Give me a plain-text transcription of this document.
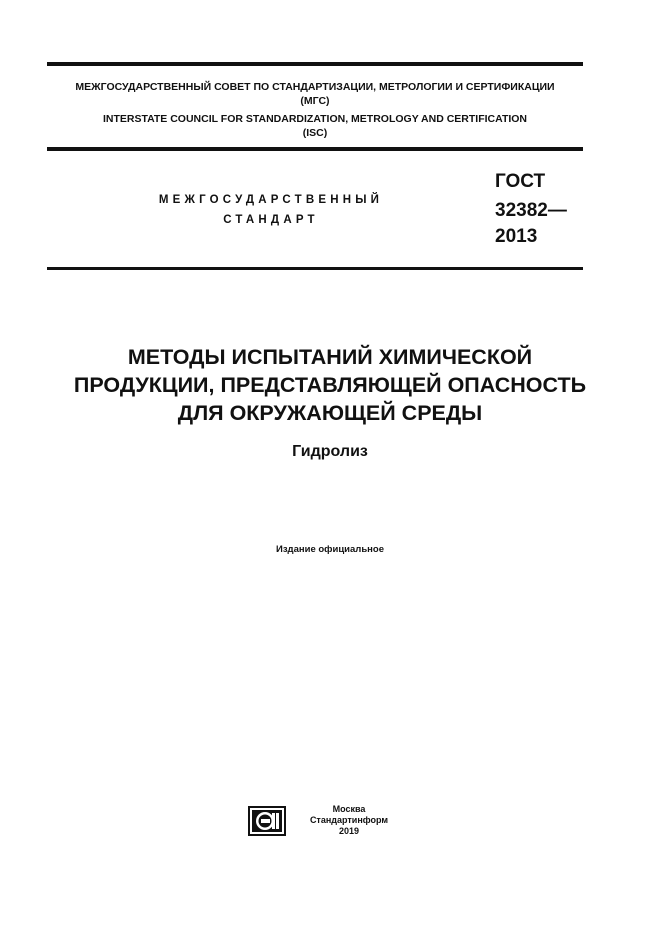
МЕЖГОСУДАРСТВЕННЫЙ СОВЕТ ПО СТАНДАРТИЗАЦИИ, МЕТРОЛОГИИ И СЕРТИФИКАЦИИ
(МГС)
INTERSTATE COUNCIL FOR STANDARDIZATION, METROLOGY AND CERTIFICATION
(ISC)
МЕЖГОСУДАРСТВЕННЫЙ
СТАНДАРТ
ГОСТ
32382—
2013
МЕТОДЫ ИСПЫТАНИЙ ХИМИЧЕСКОЙ
ПРОДУКЦИИ, ПРЕДСТАВЛЯЮЩЕЙ ОПАСНОСТЬ
ДЛЯ ОКРУЖАЮЩЕЙ СРЕДЫ
Гидролиз
Издание официальное
Москва
Стандартинформ
2019
